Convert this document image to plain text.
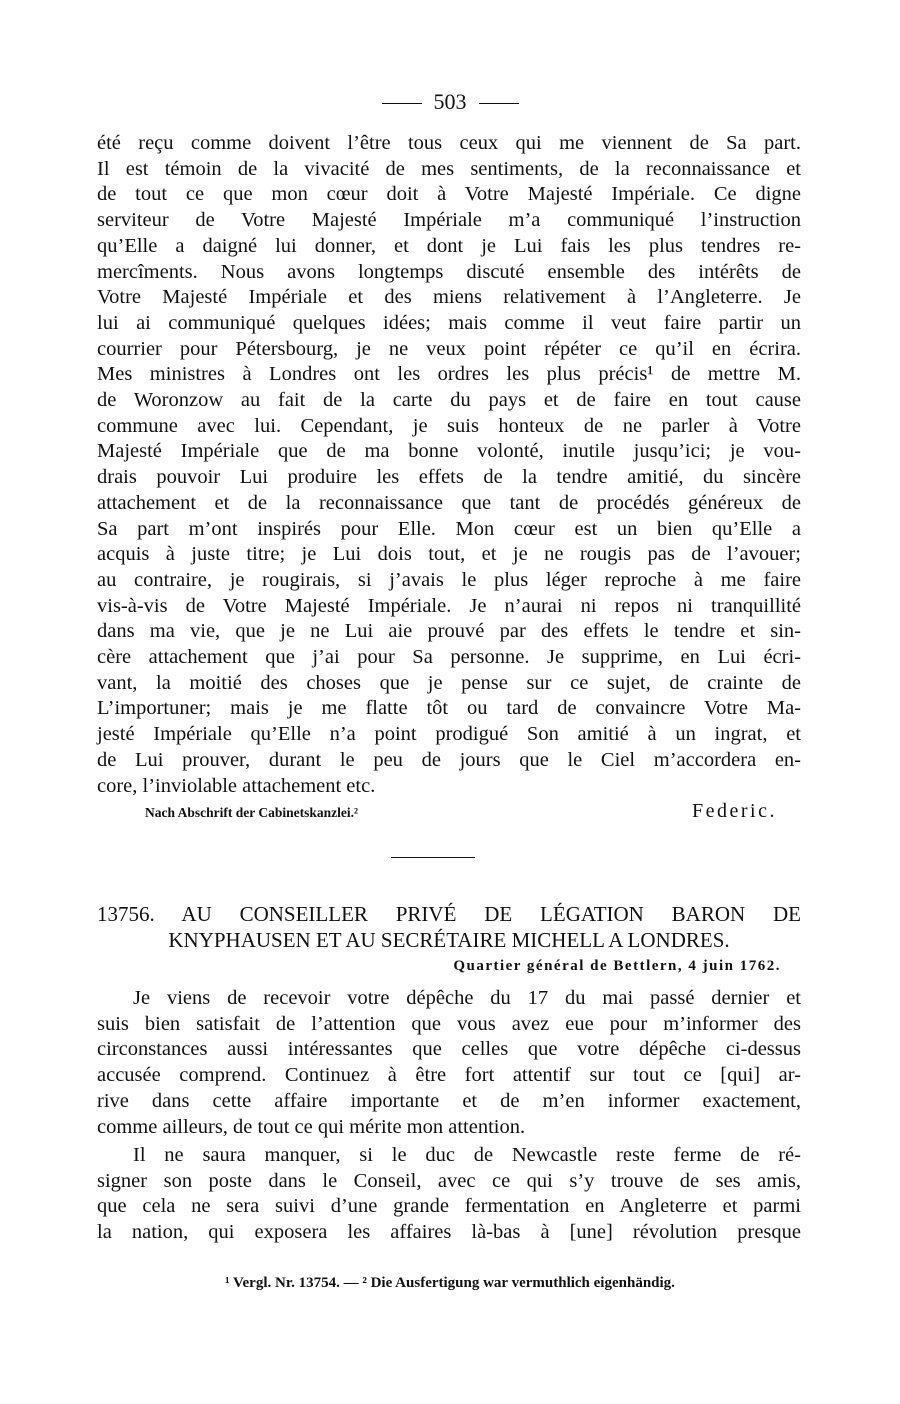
503
été reçu comme doivent l’être tous ceux qui me viennent de Sa part.
Il est témoin de la vivacité de mes sentiments, de la reconnaissance et
de tout ce que mon cœur doit à Votre Majesté Impériale. Ce digne
serviteur de Votre Majesté Impériale m’a communiqué l’instruction
qu’Elle a daigné lui donner, et dont je Lui fais les plus tendres re-
mercîments. Nous avons longtemps discuté ensemble des intérêts de
Votre Majesté Impériale et des miens relativement à l’Angleterre. Je
lui ai communiqué quelques idées; mais comme il veut faire partir un
courrier pour Pétersbourg, je ne veux point répéter ce qu’il en écrira.
Mes ministres à Londres ont les ordres les plus précis¹ de mettre M.
de Woronzow au fait de la carte du pays et de faire en tout cause
commune avec lui. Cependant, je suis honteux de ne parler à Votre
Majesté Impériale que de ma bonne volonté, inutile jusqu’ici; je vou-
drais pouvoir Lui produire les effets de la tendre amitié, du sincère
attachement et de la reconnaissance que tant de procédés généreux de
Sa part m’ont inspirés pour Elle. Mon cœur est un bien qu’Elle a
acquis à juste titre; je Lui dois tout, et je ne rougis pas de l’avouer;
au contraire, je rougirais, si j’avais le plus léger reproche à me faire
vis-à-vis de Votre Majesté Impériale. Je n’aurai ni repos ni tranquillité
dans ma vie, que je ne Lui aie prouvé par des effets le tendre et sin-
cère attachement que j’ai pour Sa personne. Je supprime, en Lui écri-
vant, la moitié des choses que je pense sur ce sujet, de crainte de
L’importuner; mais je me flatte tôt ou tard de convaincre Votre Ma-
jesté Impériale qu’Elle n’a point prodigué Son amitié à un ingrat, et
de Lui prouver, durant le peu de jours que le Ciel m’accordera en-
core, l’inviolable attachement etc.
Nach Abschrift der Cabinetskanzlei.²	Federic.
13756. AU CONSEILLER PRIVÉ DE LÉGATION BARON DE
KNYPHAUSEN ET AU SECRÉTAIRE MICHELL A LONDRES.
Quartier général de Bettlern, 4 juin 1762.
Je viens de recevoir votre dépêche du 17 du mai passé dernier et
suis bien satisfait de l’attention que vous avez eue pour m’informer des
circonstances aussi intéressantes que celles que votre dépêche ci-dessus
accusée comprend. Continuez à être fort attentif sur tout ce [qui] ar-
rive dans cette affaire importante et de m’en informer exactement,
comme ailleurs, de tout ce qui mérite mon attention.
Il ne saura manquer, si le duc de Newcastle reste ferme de ré-
signer son poste dans le Conseil, avec ce qui s’y trouve de ses amis,
que cela ne sera suivi d’une grande fermentation en Angleterre et parmi
la nation, qui exposera les affaires là-bas à [une] révolution presque
¹ Vergl. Nr. 13754. — ² Die Ausfertigung war vermuthlich eigenhändig.
